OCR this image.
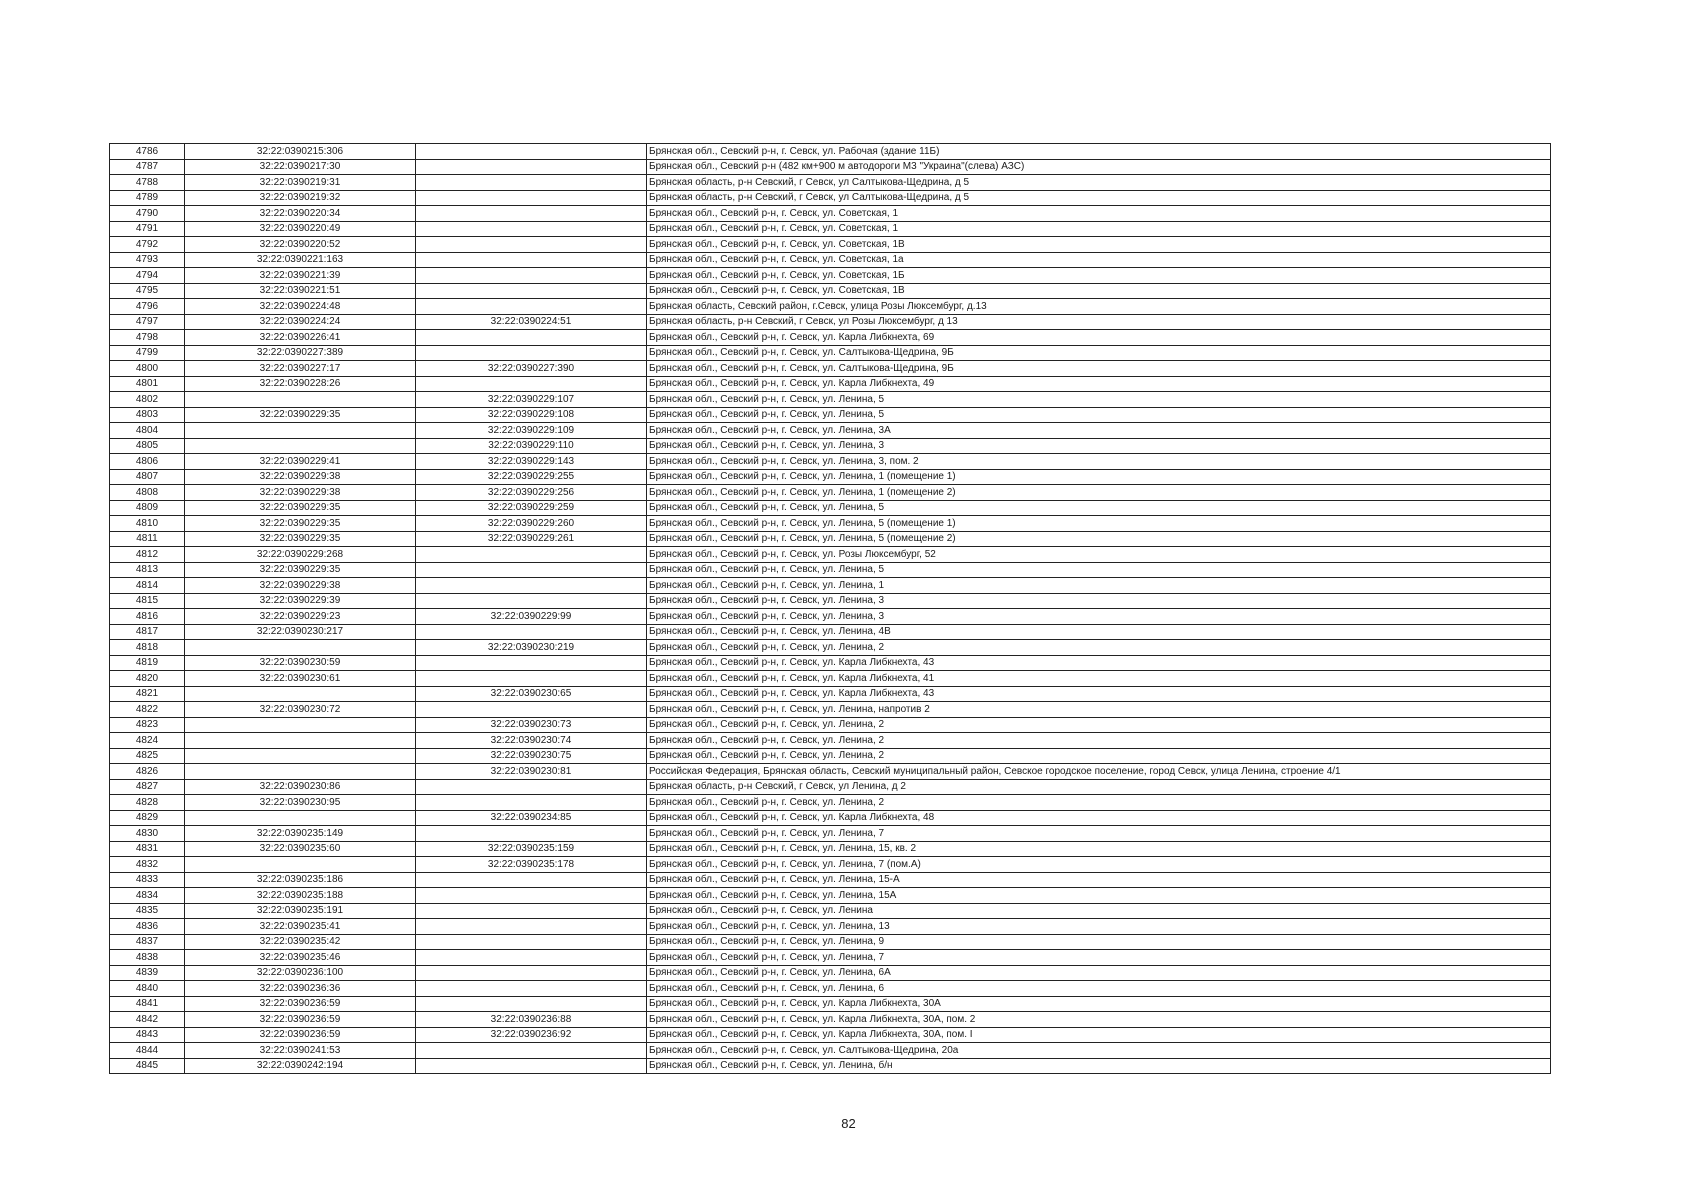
4786	32:22:0390215:306		Брянская обл., Севский р-н, г. Севск, ул. Рабочая (здание 11Б)
4787	32:22:0390217:30		Брянская обл., Севский р-н (482 км+900 м автодороги М3 "Украина"(слева) АЗС)
4788	32:22:0390219:31		Брянская область, р-н Севский, г Севск, ул Салтыкова-Щедрина, д 5
4789	32:22:0390219:32		Брянская область, р-н Севский, г Севск, ул Салтыкова-Щедрина, д 5
4790	32:22:0390220:34		Брянская обл., Севский р-н, г. Севск, ул. Советская, 1
4791	32:22:0390220:49		Брянская обл., Севский р-н, г. Севск, ул. Советская, 1
4792	32:22:0390220:52		Брянская обл., Севский р-н, г. Севск, ул. Советская, 1В
4793	32:22:0390221:163		Брянская обл., Севский р-н, г. Севск, ул. Советская, 1а
4794	32:22:0390221:39		Брянская обл., Севский р-н, г. Севск, ул. Советская, 1Б
4795	32:22:0390221:51		Брянская обл., Севский р-н, г. Севск, ул. Советская, 1В
4796	32:22:0390224:48		Брянская область, Севский район, г.Севск, улица Розы Люксембург, д.13
4797	32:22:0390224:24	32:22:0390224:51	Брянская область, р-н Севский, г Севск, ул Розы Люксембург, д 13
4798	32:22:0390226:41		Брянская обл., Севский р-н, г. Севск, ул. Карла Либкнехта, 69
4799	32:22:0390227:389		Брянская обл., Севский р-н, г. Севск, ул. Салтыкова-Щедрина, 9Б
4800	32:22:0390227:17	32:22:0390227:390	Брянская обл., Севский р-н, г. Севск, ул. Салтыкова-Щедрина, 9Б
4801	32:22:0390228:26		Брянская обл., Севский р-н, г. Севск, ул. Карла Либкнехта, 49
4802		32:22:0390229:107	Брянская обл., Севский р-н, г. Севск, ул. Ленина, 5
4803	32:22:0390229:35	32:22:0390229:108	Брянская обл., Севский р-н, г. Севск, ул. Ленина, 5
4804		32:22:0390229:109	Брянская обл., Севский р-н, г. Севск, ул. Ленина, 3А
4805		32:22:0390229:110	Брянская обл., Севский р-н, г. Севск, ул. Ленина, 3
4806	32:22:0390229:41	32:22:0390229:143	Брянская обл., Севский р-н, г. Севск, ул. Ленина, 3, пом. 2
4807	32:22:0390229:38	32:22:0390229:255	Брянская обл., Севский р-н, г. Севск, ул. Ленина, 1 (помещение 1)
4808	32:22:0390229:38	32:22:0390229:256	Брянская обл., Севский р-н, г. Севск, ул. Ленина, 1 (помещение 2)
4809	32:22:0390229:35	32:22:0390229:259	Брянская обл., Севский р-н, г. Севск, ул. Ленина, 5
4810	32:22:0390229:35	32:22:0390229:260	Брянская обл., Севский р-н, г. Севск, ул. Ленина, 5 (помещение 1)
4811	32:22:0390229:35	32:22:0390229:261	Брянская обл., Севский р-н, г. Севск, ул. Ленина, 5 (помещение 2)
4812	32:22:0390229:268		Брянская обл., Севский р-н, г. Севск, ул. Розы Люксембург, 52
4813	32:22:0390229:35		Брянская обл., Севский р-н, г. Севск, ул. Ленина, 5
4814	32:22:0390229:38		Брянская обл., Севский р-н, г. Севск, ул. Ленина, 1
4815	32:22:0390229:39		Брянская обл., Севский р-н, г. Севск, ул. Ленина, 3
4816	32:22:0390229:23	32:22:0390229:99	Брянская обл., Севский р-н, г. Севск, ул. Ленина, 3
4817	32:22:0390230:217		Брянская обл., Севский р-н, г. Севск, ул. Ленина, 4В
4818		32:22:0390230:219	Брянская обл., Севский р-н, г. Севск, ул. Ленина, 2
4819	32:22:0390230:59		Брянская обл., Севский р-н, г. Севск, ул. Карла Либкнехта, 43
4820	32:22:0390230:61		Брянская обл., Севский р-н, г. Севск, ул. Карла Либкнехта, 41
4821		32:22:0390230:65	Брянская обл., Севский р-н, г. Севск, ул. Карла Либкнехта, 43
4822	32:22:0390230:72		Брянская обл., Севский р-н, г. Севск, ул. Ленина, напротив 2
4823		32:22:0390230:73	Брянская обл., Севский р-н, г. Севск, ул. Ленина, 2
4824		32:22:0390230:74	Брянская обл., Севский р-н, г. Севск, ул. Ленина, 2
4825		32:22:0390230:75	Брянская обл., Севский р-н, г. Севск, ул. Ленина, 2
4826		32:22:0390230:81	Российская Федерация, Брянская область, Севский муниципальный район, Севское городское поселение, город Севск, улица Ленина, строение 4/1
4827	32:22:0390230:86		Брянская область, р-н Севский, г Севск, ул Ленина, д 2
4828	32:22:0390230:95		Брянская обл., Севский р-н, г. Севск, ул. Ленина, 2
4829		32:22:0390234:85	Брянская обл., Севский р-н, г. Севск, ул. Карла Либкнехта, 48
4830	32:22:0390235:149		Брянская обл., Севский р-н, г. Севск, ул. Ленина, 7
4831	32:22:0390235:60	32:22:0390235:159	Брянская обл., Севский р-н, г. Севск, ул. Ленина, 15, кв. 2
4832		32:22:0390235:178	Брянская обл., Севский р-н, г. Севск, ул. Ленина, 7 (пом.А)
4833	32:22:0390235:186		Брянская обл., Севский р-н, г. Севск, ул. Ленина, 15-А
4834	32:22:0390235:188		Брянская обл., Севский р-н, г. Севск, ул. Ленина, 15А
4835	32:22:0390235:191		Брянская обл., Севский р-н, г. Севск, ул. Ленина
4836	32:22:0390235:41		Брянская обл., Севский р-н, г. Севск, ул. Ленина, 13
4837	32:22:0390235:42		Брянская обл., Севский р-н, г. Севск, ул. Ленина, 9
4838	32:22:0390235:46		Брянская обл., Севский р-н, г. Севск, ул. Ленина, 7
4839	32:22:0390236:100		Брянская обл., Севский р-н, г. Севск, ул. Ленина, 6А
4840	32:22:0390236:36		Брянская обл., Севский р-н, г. Севск, ул. Ленина, 6
4841	32:22:0390236:59		Брянская обл., Севский р-н, г. Севск, ул. Карла Либкнехта, 30А
4842	32:22:0390236:59	32:22:0390236:88	Брянская обл., Севский р-н, г. Севск, ул. Карла Либкнехта, 30А, пом. 2
4843	32:22:0390236:59	32:22:0390236:92	Брянская обл., Севский р-н, г. Севск, ул. Карла Либкнехта, 30А, пом. I
4844	32:22:0390241:53		Брянская обл., Севский р-н, г. Севск, ул. Салтыкова-Щедрина, 20а
4845	32:22:0390242:194		Брянская обл., Севский р-н, г. Севск, ул. Ленина, б/н
82
